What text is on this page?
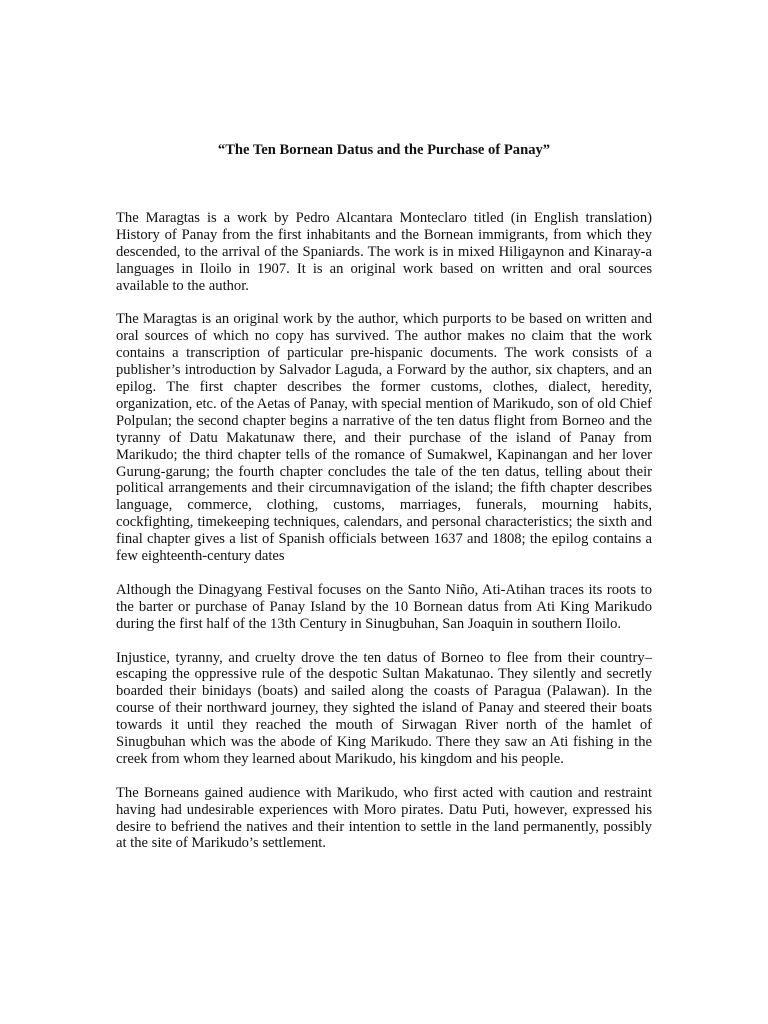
“The Ten Bornean Datus and the Purchase of Panay”

The Maragtas is a work by Pedro Alcantara Monteclaro titled (in English translation) History of Panay from the first inhabitants and the Bornean immigrants, from which they descended, to the arrival of the Spaniards. The work is in mixed Hiligaynon and Kinaray-a languages in Iloilo in 1907. It is an original work based on written and oral sources available to the author.

The Maragtas is an original work by the author, which purports to be based on written and oral sources of which no copy has survived. The author makes no claim that the work contains a transcription of particular pre-hispanic documents. The work consists of a publisher’s introduction by Salvador Laguda, a Forward by the author, six chapters, and an epilog. The first chapter describes the former customs, clothes, dialect, heredity, organization, etc. of the Aetas of Panay, with special mention of Marikudo, son of old Chief Polpulan; the second chapter begins a narrative of the ten datus flight from Borneo and the tyranny of Datu Makatunaw there, and their purchase of the island of Panay from Marikudo; the third chapter tells of the romance of Sumakwel, Kapinangan and her lover Gurung-garung; the fourth chapter concludes the tale of the ten datus, telling about their political arrangements and their circumnavigation of the island; the fifth chapter describes language, commerce, clothing, customs, marriages, funerals, mourning habits, cockfighting, timekeeping techniques, calendars, and personal characteristics; the sixth and final chapter gives a list of Spanish officials between 1637 and 1808; the epilog contains a few eighteenth-century dates

Although the Dinagyang Festival focuses on the Santo Niño, Ati-Atihan traces its roots to the barter or purchase of Panay Island by the 10 Bornean datus from Ati King Marikudo during the first half of the 13th Century in Sinugbuhan, San Joaquin in southern Iloilo.

Injustice, tyranny, and cruelty drove the ten datus of Borneo to flee from their country–escaping the oppressive rule of the despotic Sultan Makatunao. They silently and secretly boarded their binidays (boats) and sailed along the coasts of Paragua (Palawan). In the course of their northward journey, they sighted the island of Panay and steered their boats towards it until they reached the mouth of Sirwagan River north of the hamlet of Sinugbuhan which was the abode of King Marikudo. There they saw an Ati fishing in the creek from whom they learned about Marikudo, his kingdom and his people.

The Borneans gained audience with Marikudo, who first acted with caution and restraint having had undesirable experiences with Moro pirates. Datu Puti, however, expressed his desire to befriend the natives and their intention to settle in the land permanently, possibly at the site of Marikudo’s settlement.
